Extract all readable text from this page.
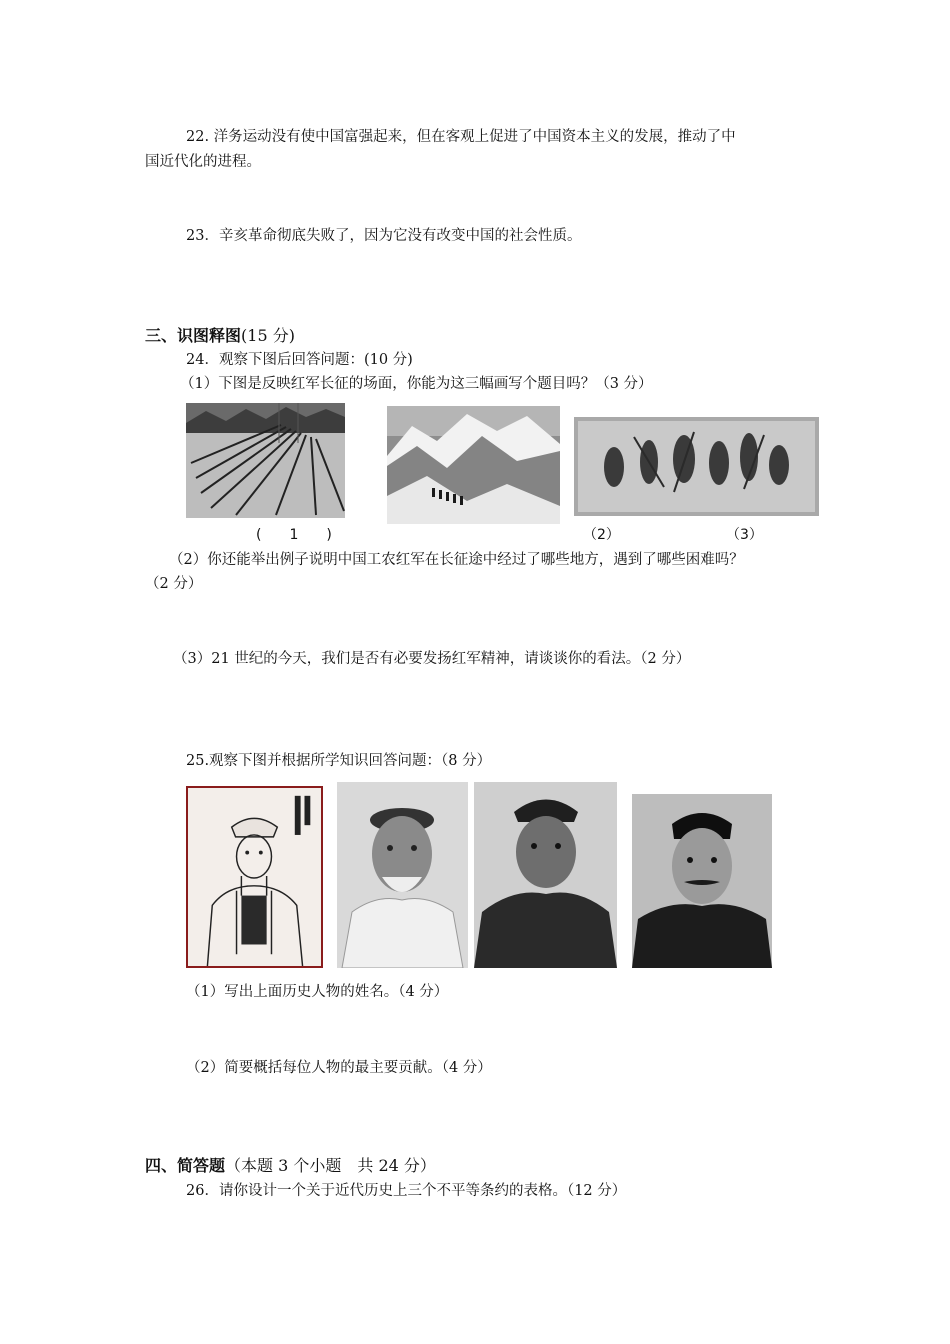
22. 洋务运动没有使中国富强起来，但在客观上促进了中国资本主义的发展，推动了中
国近代化的进程。
23．辛亥革命彻底失败了，因为它没有改变中国的社会性质。
三、识图释图(15 分)
24．观察下图后回答问题：(10 分)
（1）下图是反映红军长征的场面，你能为这三幅画写个题目吗？（3 分）
(　　1　　)	（2）	（3）
（2）你还能举出例子说明中国工农红军在长征途中经过了哪些地方，遇到了哪些困难吗？
（2 分）
（3）21 世纪的今天，我们是否有必要发扬红军精神，请谈谈你的看法。（2 分）
25.观察下图并根据所学知识回答问题：（8 分）
（1）写出上面历史人物的姓名。（4 分）
（2）简要概括每位人物的最主要贡献。（4 分）
四、简答题（本题 3 个小题　共 24 分）
26．请你设计一个关于近代历史上三个不平等条约的表格。（12 分）
